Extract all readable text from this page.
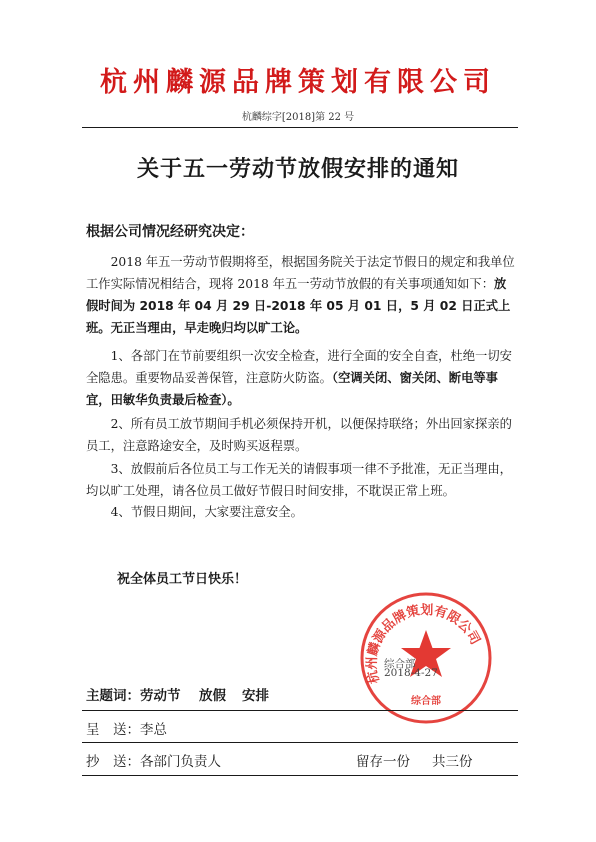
杭州麟源品牌策划有限公司
杭麟综字[2018]第 22 号
关于五一劳动节放假安排的通知
根据公司情况经研究决定：

2018 年五一劳动节假期将至，根据国务院关于法定节假日的规定和我单位工作实际情况相结合，现将 2018 年五一劳动节放假的有关事项通知如下：放假时间为 2018 年 04 月 29 日-2018 年 05 月 01 日，5 月 02 日正式上班。无正当理由，早走晚归均以旷工论。

1、各部门在节前要组织一次安全检查，进行全面的安全自查，杜绝一切安全隐患。重要物品妥善保管，注意防火防盗。（空调关闭、窗关闭、断电等事宜，田敏华负责最后检查）。

2、所有员工放节期间手机必须保持开机，以便保持联络；外出回家探亲的员工，注意路途安全，及时购买返程票。

3、放假前后各位员工与工作无关的请假事项一律不予批准，无正当理由，均以旷工处理，请各位员工做好节假日时间安排，不耽误正常上班。

4、节假日期间，大家要注意安全。

祝全体员工节日快乐！
杭州麟源品牌策划有限公司
综合部
综合部
2018-4-27
主题词： 劳动节 放假 安排
呈　送：李总
抄　送：各部门负责人	留存一份 共三份
